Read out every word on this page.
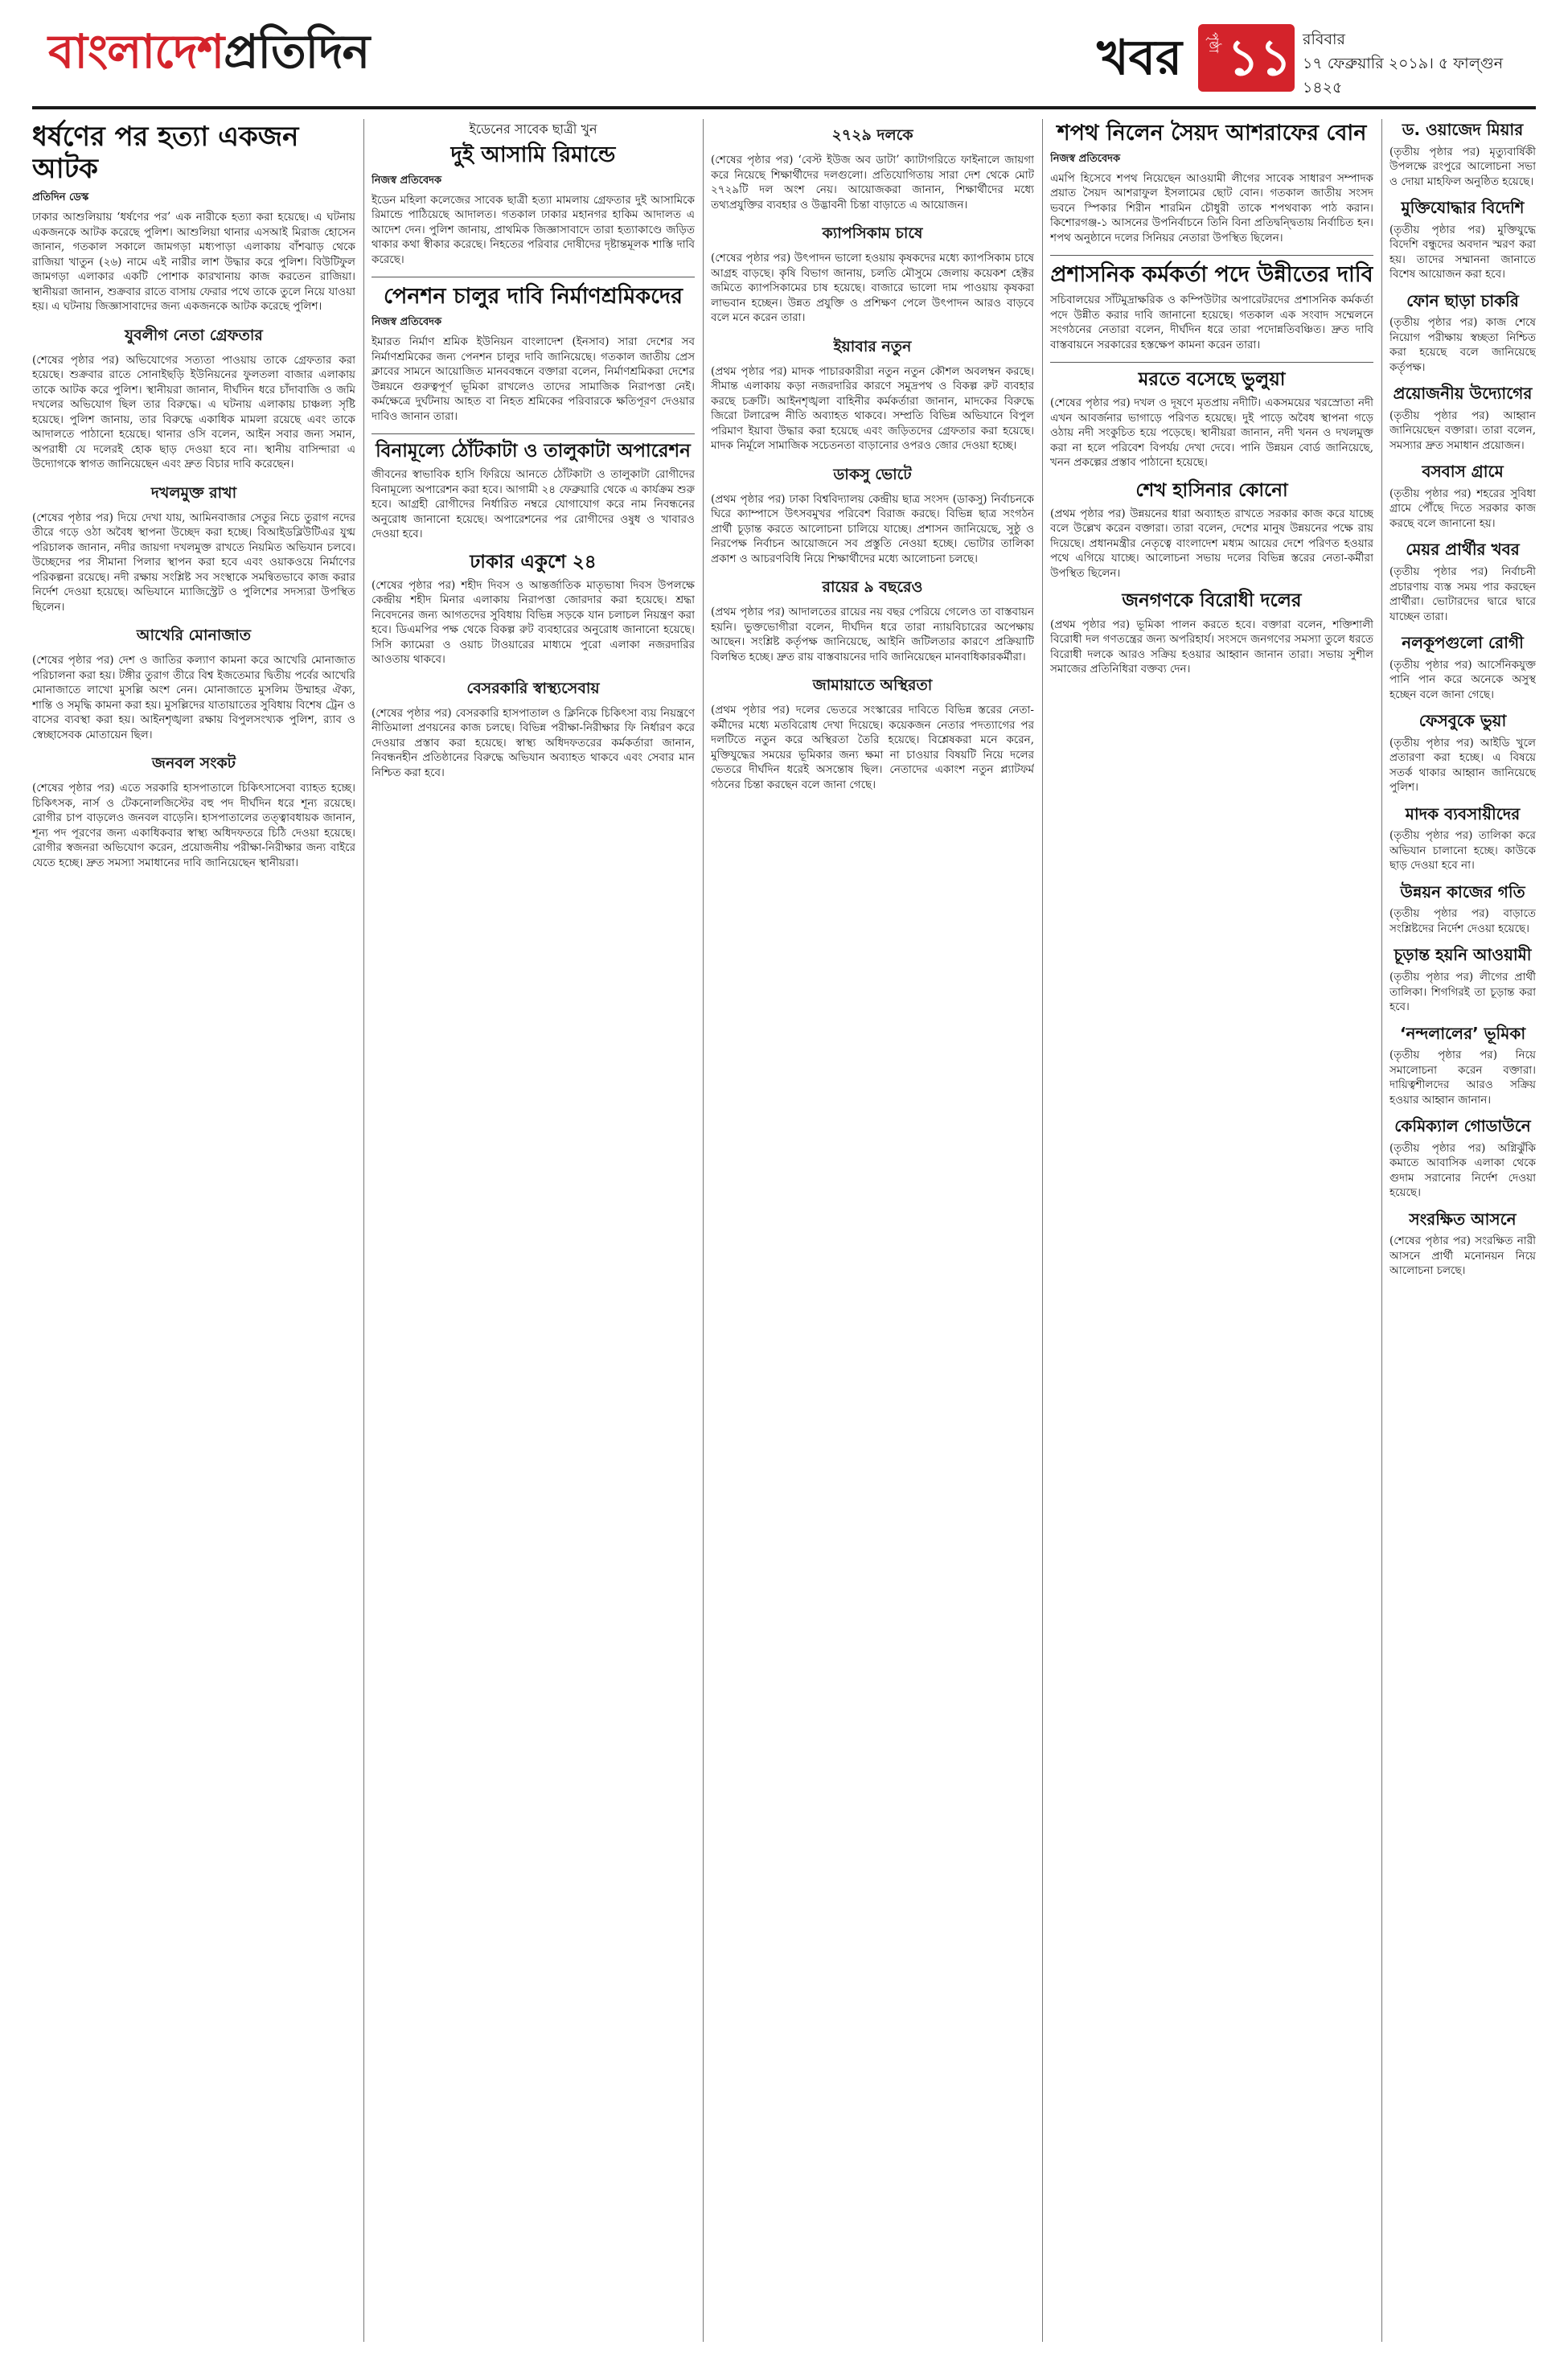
বাংলাদেশপ্রতিদিন	খবর পৃষ্ঠা ১১ রবিবার
১৭ ফেব্রুয়ারি ২০১৯। ৫ ফাল্গুন ১৪২৫
ধর্ষণের পর হত্যা একজন আটক
প্রতিদিন ডেস্ক

ঢাকার আশুলিয়ায় ‘ধর্ষণের পর’ এক নারীকে হত্যা করা হয়েছে। এ ঘটনায় একজনকে আটক করেছে পুলিশ। আশুলিয়া থানার এসআই মিরাজ হোসেন জানান, গতকাল সকালে জামগড়া মধ্যপাড়া এলাকায় বাঁশঝাড় থেকে রাজিয়া খাতুন (২৬) নামে এই নারীর লাশ উদ্ধার করে পুলিশ। বিউটিফুল জামগড়া এলাকার একটি পোশাক কারখানায় কাজ করতেন রাজিয়া। স্থানীয়রা জানান, শুক্রবার রাতে বাসায় ফেরার পথে তাকে তুলে নিয়ে যাওয়া হয়। এ ঘটনায় জিজ্ঞাসাবাদের জন্য একজনকে আটক করেছে পুলিশ।

যুবলীগ নেতা গ্রেফতার

(শেষের পৃষ্ঠার পর) অভিযোগের সত্যতা পাওয়ায় তাকে গ্রেফতার করা হয়েছে। শুক্রবার রাতে সোনাইছড়ি ইউনিয়নের ফুলতলা বাজার এলাকায় তাকে আটক করে পুলিশ। স্থানীয়রা জানান, দীর্ঘদিন ধরে চাঁদাবাজি ও জমি দখলের অভিযোগ ছিল তার বিরুদ্ধে। এ ঘটনায় এলাকায় চাঞ্চল্য সৃষ্টি হয়েছে। পুলিশ জানায়, তার বিরুদ্ধে একাধিক মামলা রয়েছে এবং তাকে আদালতে পাঠানো হয়েছে। থানার ওসি বলেন, আইন সবার জন্য সমান, অপরাধী যে দলেরই হোক ছাড় দেওয়া হবে না। স্থানীয় বাসিন্দারা এ উদ্যোগকে স্বাগত জানিয়েছেন এবং দ্রুত বিচার দাবি করেছেন।

দখলমুক্ত রাখা

(শেষের পৃষ্ঠার পর) দিয়ে দেখা যায়, আমিনবাজার সেতুর নিচে তুরাগ নদের তীরে গড়ে ওঠা অবৈধ স্থাপনা উচ্ছেদ করা হচ্ছে। বিআইডব্লিউটিএর যুগ্ম পরিচালক জানান, নদীর জায়গা দখলমুক্ত রাখতে নিয়মিত অভিযান চলবে। উচ্ছেদের পর সীমানা পিলার স্থাপন করা হবে এবং ওয়াকওয়ে নির্মাণের পরিকল্পনা রয়েছে। নদী রক্ষায় সংশ্লিষ্ট সব সংস্থাকে সমন্বিতভাবে কাজ করার নির্দেশ দেওয়া হয়েছে। অভিযানে ম্যাজিস্ট্রেট ও পুলিশের সদস্যরা উপস্থিত ছিলেন।

আখেরি মোনাজাত

(শেষের পৃষ্ঠার পর) দেশ ও জাতির কল্যাণ কামনা করে আখেরি মোনাজাত পরিচালনা করা হয়। টঙ্গীর তুরাগ তীরে বিশ্ব ইজতেমার দ্বিতীয় পর্বের আখেরি মোনাজাতে লাখো মুসল্লি অংশ নেন। মোনাজাতে মুসলিম উম্মাহর ঐক্য, শান্তি ও সমৃদ্ধি কামনা করা হয়। মুসল্লিদের যাতায়াতের সুবিধায় বিশেষ ট্রেন ও বাসের ব্যবস্থা করা হয়। আইনশৃঙ্খলা রক্ষায় বিপুলসংখ্যক পুলিশ, র‌্যাব ও স্বেচ্ছাসেবক মোতায়েন ছিল।

জনবল সংকট

(শেষের পৃষ্ঠার পর) এতে সরকারি হাসপাতালে চিকিৎসাসেবা ব্যাহত হচ্ছে। চিকিৎসক, নার্স ও টেকনোলজিস্টের বহু পদ দীর্ঘদিন ধরে শূন্য রয়েছে। রোগীর চাপ বাড়লেও জনবল বাড়েনি। হাসপাতালের তত্ত্বাবধায়ক জানান, শূন্য পদ পূরণের জন্য একাধিকবার স্বাস্থ্য অধিদফতরে চিঠি দেওয়া হয়েছে। রোগীর স্বজনরা অভিযোগ করেন, প্রয়োজনীয় পরীক্ষা-নিরীক্ষার জন্য বাইরে যেতে হচ্ছে। দ্রুত সমস্যা সমাধানের দাবি জানিয়েছেন স্থানীয়রা।

ইডেনের সাবেক ছাত্রী খুন
দুই আসামি রিমান্ডে
নিজস্ব প্রতিবেদক

ইডেন মহিলা কলেজের সাবেক ছাত্রী হত্যা মামলায় গ্রেফতার দুই আসামিকে রিমান্ডে পাঠিয়েছে আদালত। গতকাল ঢাকার মহানগর হাকিম আদালত এ আদেশ দেন। পুলিশ জানায়, প্রাথমিক জিজ্ঞাসাবাদে তারা হত্যাকাণ্ডে জড়িত থাকার কথা স্বীকার করেছে। নিহতের পরিবার দোষীদের দৃষ্টান্তমূলক শাস্তি দাবি করেছে।

পেনশন চালুর দাবি নির্মাণশ্রমিকদের
নিজস্ব প্রতিবেদক

ইমারত নির্মাণ শ্রমিক ইউনিয়ন বাংলাদেশ (ইনসাব) সারা দেশের সব নির্মাণশ্রমিকের জন্য পেনশন চালুর দাবি জানিয়েছে। গতকাল জাতীয় প্রেস ক্লাবের সামনে আয়োজিত মানববন্ধনে বক্তারা বলেন, নির্মাণশ্রমিকরা দেশের উন্নয়নে গুরুত্বপূর্ণ ভূমিকা রাখলেও তাদের সামাজিক নিরাপত্তা নেই। কর্মক্ষেত্রে দুর্ঘটনায় আহত বা নিহত শ্রমিকের পরিবারকে ক্ষতিপূরণ দেওয়ার দাবিও জানান তারা।

বিনামূল্যে ঠোঁটকাটা ও তালুকাটা অপারেশন

জীবনের স্বাভাবিক হাসি ফিরিয়ে আনতে ঠোঁটকাটা ও তালুকাটা রোগীদের বিনামূল্যে অপারেশন করা হবে। আগামী ২৪ ফেব্রুয়ারি থেকে এ কার্যক্রম শুরু হবে। আগ্রহী রোগীদের নির্ধারিত নম্বরে যোগাযোগ করে নাম নিবন্ধনের অনুরোধ জানানো হয়েছে। অপারেশনের পর রোগীদের ওষুধ ও খাবারও দেওয়া হবে।

ঢাকার একুশে ২৪

(শেষের পৃষ্ঠার পর) শহীদ দিবস ও আন্তর্জাতিক মাতৃভাষা দিবস উপলক্ষে কেন্দ্রীয় শহীদ মিনার এলাকায় নিরাপত্তা জোরদার করা হয়েছে। শ্রদ্ধা নিবেদনের জন্য আগতদের সুবিধায় বিভিন্ন সড়কে যান চলাচল নিয়ন্ত্রণ করা হবে। ডিএমপির পক্ষ থেকে বিকল্প রুট ব্যবহারের অনুরোধ জানানো হয়েছে। সিসি ক্যামেরা ও ওয়াচ টাওয়ারের মাধ্যমে পুরো এলাকা নজরদারির আওতায় থাকবে।

বেসরকারি স্বাস্থ্যসেবায়

(শেষের পৃষ্ঠার পর) বেসরকারি হাসপাতাল ও ক্লিনিকে চিকিৎসা ব্যয় নিয়ন্ত্রণে নীতিমালা প্রণয়নের কাজ চলছে। বিভিন্ন পরীক্ষা-নিরীক্ষার ফি নির্ধারণ করে দেওয়ার প্রস্তাব করা হয়েছে। স্বাস্থ্য অধিদফতরের কর্মকর্তারা জানান, নিবন্ধনহীন প্রতিষ্ঠানের বিরুদ্ধে অভিযান অব্যাহত থাকবে এবং সেবার মান নিশ্চিত করা হবে।

২৭২৯ দলকে

(শেষের পৃষ্ঠার পর) ‘বেস্ট ইউজ অব ডাটা’ ক্যাটাগরিতে ফাইনালে জায়গা করে নিয়েছে শিক্ষার্থীদের দলগুলো। প্রতিযোগিতায় সারা দেশ থেকে মোট ২৭২৯টি দল অংশ নেয়। আয়োজকরা জানান, শিক্ষার্থীদের মধ্যে তথ্যপ্রযুক্তির ব্যবহার ও উদ্ভাবনী চিন্তা বাড়াতে এ আয়োজন।

ক্যাপসিকাম চাষে

(শেষের পৃষ্ঠার পর) উৎপাদন ভালো হওয়ায় কৃষকদের মধ্যে ক্যাপসিকাম চাষে আগ্রহ বাড়ছে। কৃষি বিভাগ জানায়, চলতি মৌসুমে জেলায় কয়েকশ হেক্টর জমিতে ক্যাপসিকামের চাষ হয়েছে। বাজারে ভালো দাম পাওয়ায় কৃষকরা লাভবান হচ্ছেন। উন্নত প্রযুক্তি ও প্রশিক্ষণ পেলে উৎপাদন আরও বাড়বে বলে মনে করেন তারা।

ইয়াবার নতুন

(প্রথম পৃষ্ঠার পর) মাদক পাচারকারীরা নতুন নতুন কৌশল অবলম্বন করছে। সীমান্ত এলাকায় কড়া নজরদারির কারণে সমুদ্রপথ ও বিকল্প রুট ব্যবহার করছে চক্রটি। আইনশৃঙ্খলা বাহিনীর কর্মকর্তারা জানান, মাদকের বিরুদ্ধে জিরো টলারেন্স নীতি অব্যাহত থাকবে। সম্প্রতি বিভিন্ন অভিযানে বিপুল পরিমাণ ইয়াবা উদ্ধার করা হয়েছে এবং জড়িতদের গ্রেফতার করা হয়েছে। মাদক নির্মূলে সামাজিক সচেতনতা বাড়ানোর ওপরও জোর দেওয়া হচ্ছে।

ডাকসু ভোটে

(প্রথম পৃষ্ঠার পর) ঢাকা বিশ্ববিদ্যালয় কেন্দ্রীয় ছাত্র সংসদ (ডাকসু) নির্বাচনকে ঘিরে ক্যাম্পাসে উৎসবমুখর পরিবেশ বিরাজ করছে। বিভিন্ন ছাত্র সংগঠন প্রার্থী চূড়ান্ত করতে আলোচনা চালিয়ে যাচ্ছে। প্রশাসন জানিয়েছে, সুষ্ঠু ও নিরপেক্ষ নির্বাচন আয়োজনে সব প্রস্তুতি নেওয়া হচ্ছে। ভোটার তালিকা প্রকাশ ও আচরণবিধি নিয়ে শিক্ষার্থীদের মধ্যে আলোচনা চলছে।

রায়ের ৯ বছরেও

(প্রথম পৃষ্ঠার পর) আদালতের রায়ের নয় বছর পেরিয়ে গেলেও তা বাস্তবায়ন হয়নি। ভুক্তভোগীরা বলেন, দীর্ঘদিন ধরে তারা ন্যায়বিচারের অপেক্ষায় আছেন। সংশ্লিষ্ট কর্তৃপক্ষ জানিয়েছে, আইনি জটিলতার কারণে প্রক্রিয়াটি বিলম্বিত হচ্ছে। দ্রুত রায় বাস্তবায়নের দাবি জানিয়েছেন মানবাধিকারকর্মীরা।

জামায়াতে অস্থিরতা

(প্রথম পৃষ্ঠার পর) দলের ভেতরে সংস্কারের দাবিতে বিভিন্ন স্তরের নেতা-কর্মীদের মধ্যে মতবিরোধ দেখা দিয়েছে। কয়েকজন নেতার পদত্যাগের পর দলটিতে নতুন করে অস্থিরতা তৈরি হয়েছে। বিশ্লেষকরা মনে করেন, মুক্তিযুদ্ধের সময়ের ভূমিকার জন্য ক্ষমা না চাওয়ার বিষয়টি নিয়ে দলের ভেতরে দীর্ঘদিন ধরেই অসন্তোষ ছিল। নেতাদের একাংশ নতুন প্ল্যাটফর্ম গঠনের চিন্তা করছেন বলে জানা গেছে।

শপথ নিলেন সৈয়দ আশরাফের বোন
নিজস্ব প্রতিবেদক

এমপি হিসেবে শপথ নিয়েছেন আওয়ামী লীগের সাবেক সাধারণ সম্পাদক প্রয়াত সৈয়দ আশরাফুল ইসলামের ছোট বোন। গতকাল জাতীয় সংসদ ভবনে স্পিকার শিরীন শারমিন চৌধুরী তাকে শপথবাক্য পাঠ করান। কিশোরগঞ্জ-১ আসনের উপনির্বাচনে তিনি বিনা প্রতিদ্বন্দ্বিতায় নির্বাচিত হন। শপথ অনুষ্ঠানে দলের সিনিয়র নেতারা উপস্থিত ছিলেন।

প্রশাসনিক কর্মকর্তা পদে উন্নীতের দাবি

সচিবালয়ের সাঁটমুদ্রাক্ষরিক ও কম্পিউটার অপারেটরদের প্রশাসনিক কর্মকর্তা পদে উন্নীত করার দাবি জানানো হয়েছে। গতকাল এক সংবাদ সম্মেলনে সংগঠনের নেতারা বলেন, দীর্ঘদিন ধরে তারা পদোন্নতিবঞ্চিত। দ্রুত দাবি বাস্তবায়নে সরকারের হস্তক্ষেপ কামনা করেন তারা।

মরতে বসেছে ভুলুয়া

(শেষের পৃষ্ঠার পর) দখল ও দূষণে মৃতপ্রায় নদীটি। একসময়ের খরস্রোতা নদী এখন আবর্জনার ভাগাড়ে পরিণত হয়েছে। দুই পাড়ে অবৈধ স্থাপনা গড়ে ওঠায় নদী সংকুচিত হয়ে পড়েছে। স্থানীয়রা জানান, নদী খনন ও দখলমুক্ত করা না হলে পরিবেশ বিপর্যয় দেখা দেবে। পানি উন্নয়ন বোর্ড জানিয়েছে, খনন প্রকল্পের প্রস্তাব পাঠানো হয়েছে।

শেখ হাসিনার কোনো

(প্রথম পৃষ্ঠার পর) উন্নয়নের ধারা অব্যাহত রাখতে সরকার কাজ করে যাচ্ছে বলে উল্লেখ করেন বক্তারা। তারা বলেন, দেশের মানুষ উন্নয়নের পক্ষে রায় দিয়েছে। প্রধানমন্ত্রীর নেতৃত্বে বাংলাদেশ মধ্যম আয়ের দেশে পরিণত হওয়ার পথে এগিয়ে যাচ্ছে। আলোচনা সভায় দলের বিভিন্ন স্তরের নেতা-কর্মীরা উপস্থিত ছিলেন।

জনগণকে বিরোধী দলের

(প্রথম পৃষ্ঠার পর) ভূমিকা পালন করতে হবে। বক্তারা বলেন, শক্তিশালী বিরোধী দল গণতন্ত্রের জন্য অপরিহার্য। সংসদে জনগণের সমস্যা তুলে ধরতে বিরোধী দলকে আরও সক্রিয় হওয়ার আহ্বান জানান তারা। সভায় সুশীল সমাজের প্রতিনিধিরা বক্তব্য দেন।

ড. ওয়াজেদ মিয়ার

(তৃতীয় পৃষ্ঠার পর) মৃত্যুবার্ষিকী উপলক্ষে রংপুরে আলোচনা সভা ও দোয়া মাহফিল অনুষ্ঠিত হয়েছে।

মুক্তিযোদ্ধার বিদেশি

(তৃতীয় পৃষ্ঠার পর) মুক্তিযুদ্ধে বিদেশি বন্ধুদের অবদান স্মরণ করা হয়। তাদের সম্মাননা জানাতে বিশেষ আয়োজন করা হবে।

ফোন ছাড়া চাকরি

(তৃতীয় পৃষ্ঠার পর) কাজ শেষে নিয়োগ পরীক্ষায় স্বচ্ছতা নিশ্চিত করা হয়েছে বলে জানিয়েছে কর্তৃপক্ষ।

প্রয়োজনীয় উদ্যোগের

(তৃতীয় পৃষ্ঠার পর) আহ্বান জানিয়েছেন বক্তারা। তারা বলেন, সমস্যার দ্রুত সমাধান প্রয়োজন।

বসবাস গ্রামে

(তৃতীয় পৃষ্ঠার পর) শহরের সুবিধা গ্রামে পৌঁছে দিতে সরকার কাজ করছে বলে জানানো হয়।

মেয়র প্রার্থীর খবর

(তৃতীয় পৃষ্ঠার পর) নির্বাচনী প্রচারণায় ব্যস্ত সময় পার করছেন প্রার্থীরা। ভোটারদের দ্বারে দ্বারে যাচ্ছেন তারা।

নলকূপগুলো রোগী

(তৃতীয় পৃষ্ঠার পর) আর্সেনিকযুক্ত পানি পান করে অনেকে অসুস্থ হচ্ছেন বলে জানা গেছে।

ফেসবুকে ভুয়া

(তৃতীয় পৃষ্ঠার পর) আইডি খুলে প্রতারণা করা হচ্ছে। এ বিষয়ে সতর্ক থাকার আহ্বান জানিয়েছে পুলিশ।

মাদক ব্যবসায়ীদের

(তৃতীয় পৃষ্ঠার পর) তালিকা করে অভিযান চালানো হচ্ছে। কাউকে ছাড় দেওয়া হবে না।

উন্নয়ন কাজের গতি

(তৃতীয় পৃষ্ঠার পর) বাড়াতে সংশ্লিষ্টদের নির্দেশ দেওয়া হয়েছে।

চূড়ান্ত হয়নি আওয়ামী

(তৃতীয় পৃষ্ঠার পর) লীগের প্রার্থী তালিকা। শিগগিরই তা চূড়ান্ত করা হবে।

‘নন্দলালের’ ভূমিকা

(তৃতীয় পৃষ্ঠার পর) নিয়ে সমালোচনা করেন বক্তারা। দায়িত্বশীলদের আরও সক্রিয় হওয়ার আহ্বান জানান।

কেমিক্যাল গোডাউনে

(তৃতীয় পৃষ্ঠার পর) অগ্নিঝুঁকি কমাতে আবাসিক এলাকা থেকে গুদাম সরানোর নির্দেশ দেওয়া হয়েছে।

সংরক্ষিত আসনে

(শেষের পৃষ্ঠার পর) সংরক্ষিত নারী আসনে প্রার্থী মনোনয়ন নিয়ে আলোচনা চলছে।
